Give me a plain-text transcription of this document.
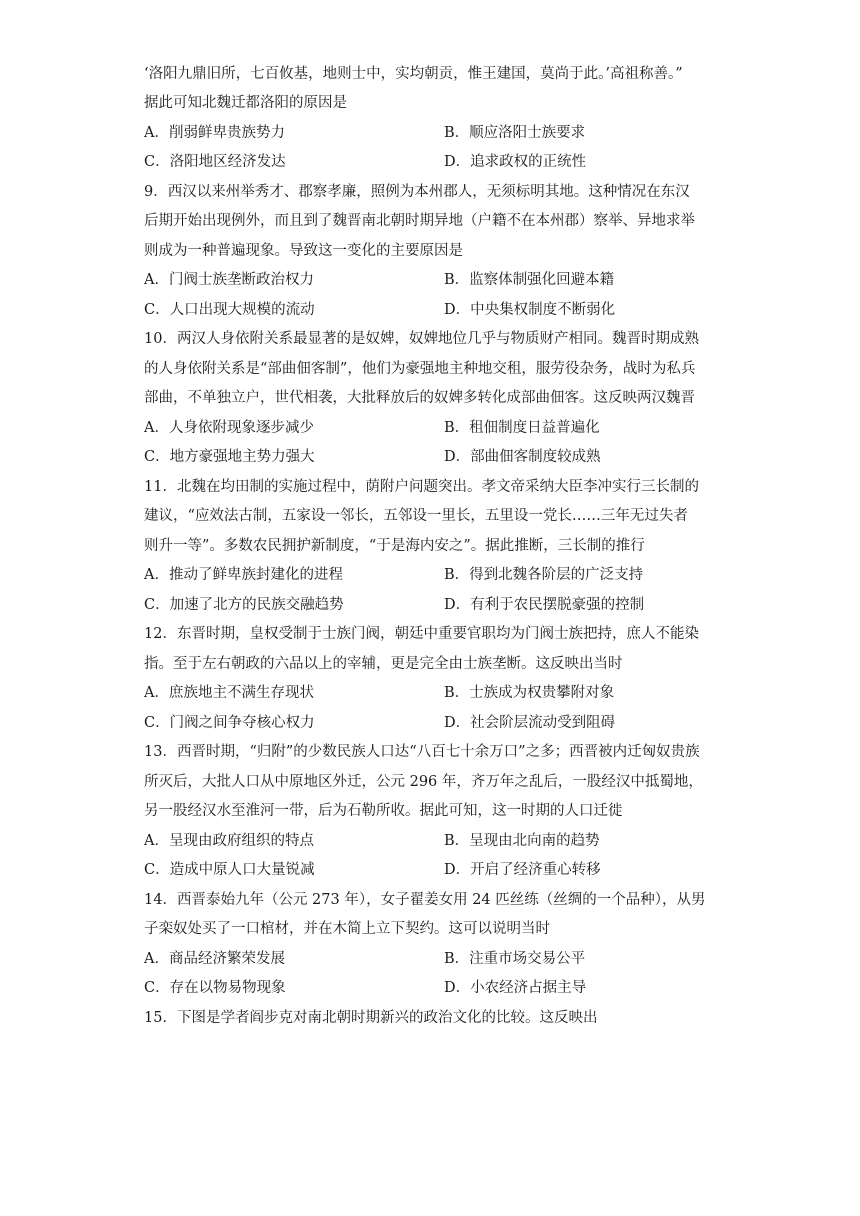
‘洛阳九鼎旧所，七百攸基，地则士中，实均朝贡，惟王建国，莫尚于此。’高祖称善。”
据此可知北魏迁都洛阳的原因是
A．削弱鲜卑贵族势力	B．顺应洛阳士族要求
C．洛阳地区经济发达	D．追求政权的正统性
9．西汉以来州举秀才、郡察孝廉，照例为本州郡人，无须标明其地。这种情况在东汉
后期开始出现例外，而且到了魏晋南北朝时期异地（户籍不在本州郡）察举、异地求举
则成为一种普遍现象。导致这一变化的主要原因是
A．门阀士族垄断政治权力	B．监察体制强化回避本籍
C．人口出现大规模的流动	D．中央集权制度不断弱化
10．两汉人身依附关系最显著的是奴婢，奴婢地位几乎与物质财产相同。魏晋时期成熟
的人身依附关系是“部曲佃客制”，他们为豪强地主种地交租，服劳役杂务，战时为私兵
部曲，不单独立户，世代相袭，大批释放后的奴婢多转化成部曲佃客。这反映两汉魏晋
A．人身依附现象逐步减少	B．租佃制度日益普遍化
C．地方豪强地主势力强大	D．部曲佃客制度较成熟
11．北魏在均田制的实施过程中，荫附户问题突出。孝文帝采纳大臣李冲实行三长制的
建议，“应效法古制，五家设一邻长，五邻设一里长，五里设一党长……三年无过失者
则升一等”。多数农民拥护新制度，“于是海内安之”。据此推断，三长制的推行
A．推动了鲜卑族封建化的进程	B．得到北魏各阶层的广泛支持
C．加速了北方的民族交融趋势	D．有利于农民摆脱豪强的控制
12．东晋时期，皇权受制于士族门阀，朝廷中重要官职均为门阀士族把持，庶人不能染
指。至于左右朝政的六品以上的宰辅，更是完全由士族垄断。这反映出当时
A．庶族地主不满生存现状	B．士族成为权贵攀附对象
C．门阀之间争夺核心权力	D．社会阶层流动受到阻碍
13．西晋时期，“归附”的少数民族人口达“八百七十余万口”之多；西晋被内迁匈奴贵族
所灭后，大批人口从中原地区外迁，公元 296 年，齐万年之乱后，一股经汉中抵蜀地，
另一股经汉水至淮河一带，后为石勒所收。据此可知，这一时期的人口迁徙
A．呈现由政府组织的特点	B．呈现由北向南的趋势
C．造成中原人口大量锐减	D．开启了经济重心转移
14．西晋泰始九年（公元 273 年），女子翟姜女用 24 匹丝练（丝绸的一个品种），从男
子栾奴处买了一口棺材，并在木简上立下契约。这可以说明当时
A．商品经济繁荣发展	B．注重市场交易公平
C．存在以物易物现象	D．小农经济占据主导
15．下图是学者阎步克对南北朝时期新兴的政治文化的比较。这反映出
